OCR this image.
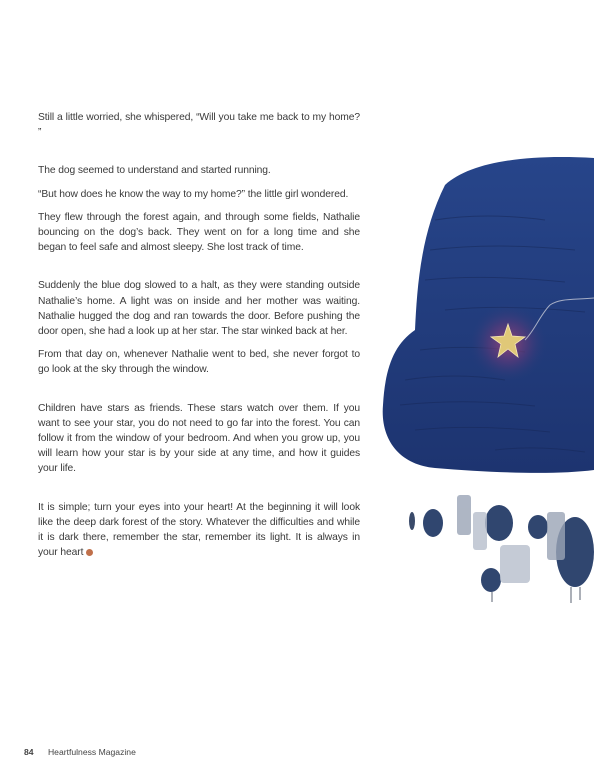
Still a little worried, she whispered, “Will you take me back to my home? ”

The dog seemed to understand and started running.

“But how does he know the way to my home?” the little girl wondered.

They flew through the forest again, and through some fields, Nathalie bouncing on the dog’s back. They went on for a long time and she began to feel safe and almost sleepy. She lost track of time.

Suddenly the blue dog slowed to a halt, as they were standing outside Nathalie’s home. A light was on inside and her mother was waiting. Nathalie hugged the dog and ran towards the door. Before pushing the door open, she had a look up at her star. The star winked back at her.

From that day on, whenever Nathalie went to bed, she never forgot to go look at the sky through the window.

Children have stars as friends. These stars watch over them. If you want to see your star, you do not need to go far into the forest. You can follow it from the window of your bedroom. And when you grow up, you will learn how your star is by your side at any time, and how it guides your life.

It is simple; turn your eyes into your heart! At the beginning it will look like the deep dark forest of the story. Whatever the difficulties and while it is dark there, remember the star, remember its light. It is always in your heart

84 Heartfulness Magazine
